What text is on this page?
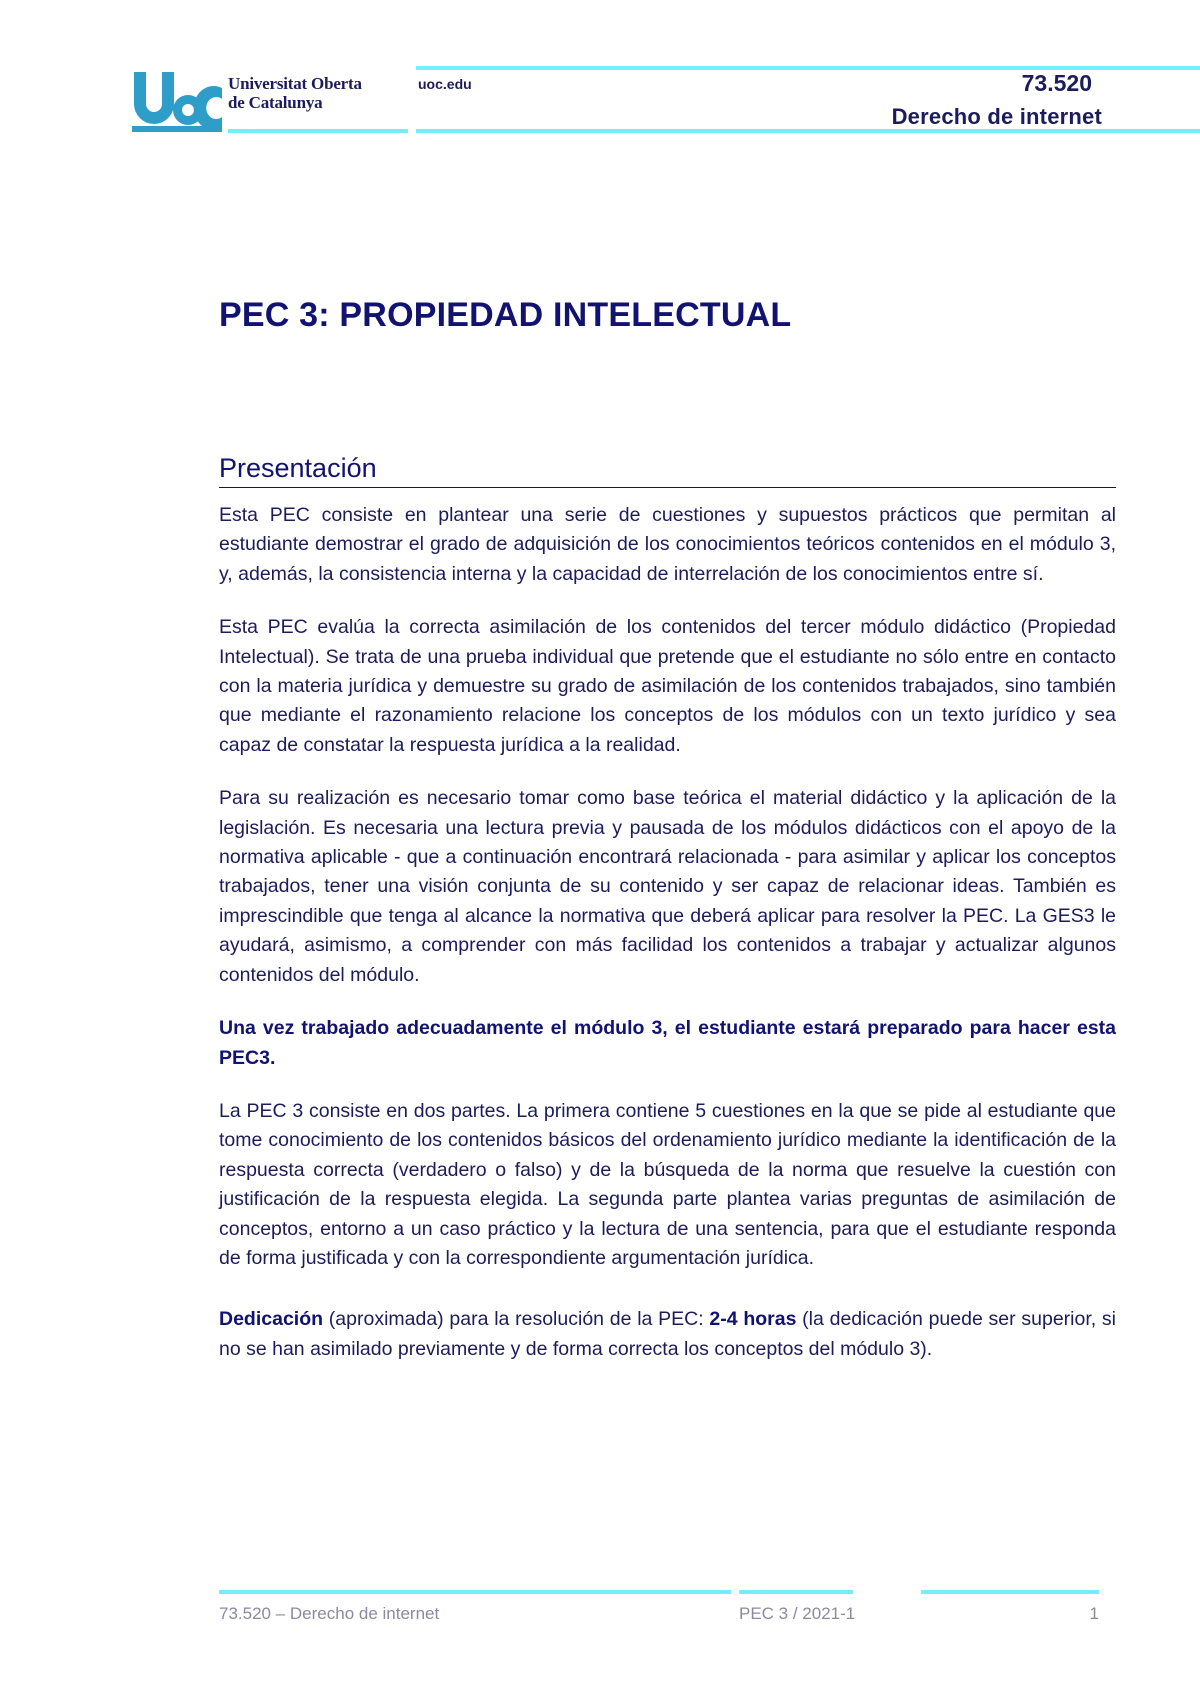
Universitat Oberta
de Catalunya
uoc.edu	73.520
Derecho de internet
PEC 3: PROPIEDAD INTELECTUAL
Presentación

Esta PEC consiste en plantear una serie de cuestiones y supuestos prácticos que permitan al estudiante demostrar el grado de adquisición de los conocimientos teóricos contenidos en el módulo 3, y, además, la consistencia interna y la capacidad de interrelación de los conocimientos entre sí.

Esta PEC evalúa la correcta asimilación de los contenidos del tercer módulo didáctico (Propiedad Intelectual). Se trata de una prueba individual que pretende que el estudiante no sólo entre en contacto con la materia jurídica y demuestre su grado de asimilación de los contenidos trabajados, sino también que mediante el razonamiento relacione los conceptos de los módulos con un texto jurídico y sea capaz de constatar la respuesta jurídica a la realidad.

Para su realización es necesario tomar como base teórica el material didáctico y la aplicación de la legislación. Es necesaria una lectura previa y pausada de los módulos didácticos con el apoyo de la normativa aplicable - que a continuación encontrará relacionada - para asimilar y aplicar los conceptos trabajados, tener una visión conjunta de su contenido y ser capaz de relacionar ideas. También es imprescindible que tenga al alcance la normativa que deberá aplicar para resolver la PEC. La GES3 le ayudará, asimismo, a comprender con más facilidad los contenidos a trabajar y actualizar algunos contenidos del módulo.

Una vez trabajado adecuadamente el módulo 3, el estudiante estará preparado para hacer esta PEC3.

La PEC 3 consiste en dos partes. La primera contiene 5 cuestiones en la que se pide al estudiante que tome conocimiento de los contenidos básicos del ordenamiento jurídico mediante la identificación de la respuesta correcta (verdadero o falso) y de la búsqueda de la norma que resuelve la cuestión con justificación de la respuesta elegida. La segunda parte plantea varias preguntas de asimilación de conceptos, entorno a un caso práctico y la lectura de una sentencia, para que el estudiante responda de forma justificada y con la correspondiente argumentación jurídica.

Dedicación (aproximada) para la resolución de la PEC: 2-4 horas (la dedicación puede ser superior, si no se han asimilado previamente y de forma correcta los conceptos del módulo 3).

73.520 – Derecho de internet	PEC 3 / 2021-1	1
